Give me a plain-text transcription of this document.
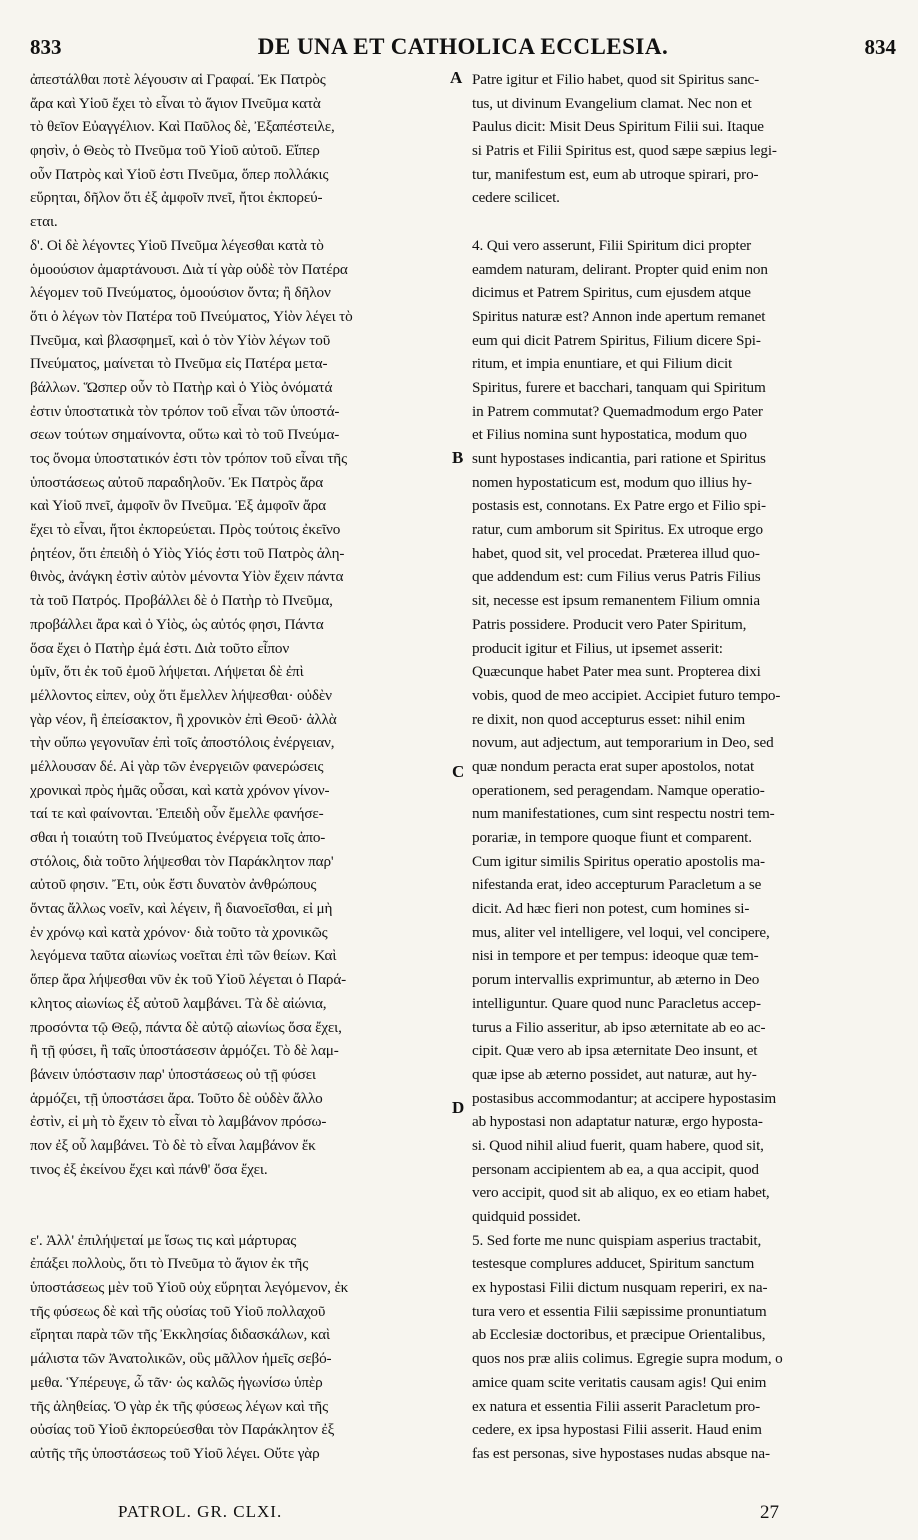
833	DE UNA ET CATHOLICA ECCLESIA.	834
ἀπεστάλθαι ποτὲ λέγουσιν αἱ Γραφαί. Ἐκ Πατρὸς
ἄρα καὶ Υἱοῦ ἔχει τὸ εἶναι τὸ ἅγιον Πνεῦμα κατὰ
τὸ θεῖον Εὐαγγέλιον. Καὶ Παῦλος δὲ, Ἐξαπέστειλε,
φησὶν, ὁ Θεὸς τὸ Πνεῦμα τοῦ Υἱοῦ αὐτοῦ. Εἴπερ
οὖν Πατρὸς καὶ Υἱοῦ ἐστι Πνεῦμα, ὅπερ πολλάκις
εὕρηται, δῆλον ὅτι ἐξ ἀμφοῖν πνεῖ, ἤτοι ἐκπορεύ-
εται.
δ'. Οἱ δὲ λέγοντες Υἱοῦ Πνεῦμα λέγεσθαι κατὰ τὸ
ὁμοούσιον ἁμαρτάνουσι. Διὰ τί γὰρ οὐδὲ τὸν Πατέρα
λέγομεν τοῦ Πνεύματος, ὁμοούσιον ὄντα; ἢ δῆλον
ὅτι ὁ λέγων τὸν Πατέρα τοῦ Πνεύματος, Υἱὸν λέγει τὸ
Πνεῦμα, καὶ βλασφημεῖ, καὶ ὁ τὸν Υἱὸν λέγων τοῦ
Πνεύματος, μαίνεται τὸ Πνεῦμα εἰς Πατέρα μετα-
βάλλων. Ὥσπερ οὖν τὸ Πατὴρ καὶ ὁ Υἱὸς ὀνόματά
ἐστιν ὑποστατικὰ τὸν τρόπον τοῦ εἶναι τῶν ὑποστά-
σεων τούτων σημαίνοντα, οὕτω καὶ τὸ τοῦ Πνεύμα-
τος ὄνομα ὑποστατικόν ἐστι τὸν τρόπον τοῦ εἶναι τῆς
ὑποστάσεως αὐτοῦ παραδηλοῦν. Ἐκ Πατρὸς ἄρα
καὶ Υἱοῦ πνεῖ, ἀμφοῖν ὂν Πνεῦμα. Ἐξ ἀμφοῖν ἄρα
ἔχει τὸ εἶναι, ἤτοι ἐκπορεύεται. Πρὸς τούτοις ἐκεῖνο
ῥητέον, ὅτι ἐπειδὴ ὁ Υἱὸς Υἱός ἐστι τοῦ Πατρὸς ἀλη-
θινὸς, ἀνάγκη ἐστὶν αὐτὸν μένοντα Υἱὸν ἔχειν πάντα
τὰ τοῦ Πατρός. Προβάλλει δὲ ὁ Πατὴρ τὸ Πνεῦμα,
προβάλλει ἄρα καὶ ὁ Υἱὸς, ὡς αὐτός φησι, Πάντα
ὅσα ἔχει ὁ Πατὴρ ἐμά ἐστι. Διὰ τοῦτο εἶπον
ὑμῖν, ὅτι ἐκ τοῦ ἐμοῦ λήψεται. Λήψεται δὲ ἐπὶ
μέλλοντος εἰπεν, οὐχ ὅτι ἔμελλεν λήψεσθαι· οὐδὲν
γὰρ νέον, ἢ ἐπείσακτον, ἢ χρονικὸν ἐπὶ Θεοῦ· ἀλλὰ
τὴν οὔπω γεγονυῖαν ἐπὶ τοῖς ἀποστόλοις ἐνέργειαν,
μέλλουσαν δέ. Αἱ γὰρ τῶν ἐνεργειῶν φανερώσεις
χρονικαὶ πρὸς ἡμᾶς οὖσαι, καὶ κατὰ χρόνον γίνον-
ταί τε καὶ φαίνονται. Ἐπειδὴ οὖν ἔμελλε φανήσε-
σθαι ἡ τοιαύτη τοῦ Πνεύματος ἐνέργεια τοῖς ἀπο-
στόλοις, διὰ τοῦτο λήψεσθαι τὸν Παράκλητον παρ'
αὐτοῦ φησιν. Ἔτι, οὐκ ἔστι δυνατὸν ἀνθρώπους
ὄντας ἄλλως νοεῖν, καὶ λέγειν, ἢ διανοεῖσθαι, εἰ μὴ
ἐν χρόνῳ καὶ κατὰ χρόνον· διὰ τοῦτο τὰ χρονικῶς
λεγόμενα ταῦτα αἰωνίως νοεῖται ἐπὶ τῶν θείων. Καὶ
ὅπερ ἄρα λήψεσθαι νῦν ἐκ τοῦ Υἱοῦ λέγεται ὁ Παρά-
κλητος αἰωνίως ἐξ αὐτοῦ λαμβάνει. Τὰ δὲ αἰώνια,
προσόντα τῷ Θεῷ, πάντα δὲ αὐτῷ αἰωνίως ὅσα ἔχει,
ἢ τῇ φύσει, ἢ ταῖς ὑποστάσεσιν ἁρμόζει. Τὸ δὲ λαμ-
βάνειν ὑπόστασιν παρ' ὑποστάσεως οὐ τῇ φύσει
ἁρμόζει, τῇ ὑποστάσει ἄρα. Τοῦτο δὲ οὐδὲν ἄλλο
ἐστὶν, εἰ μὴ τὸ ἔχειν τὸ εἶναι τὸ λαμβάνον πρόσω-
πον ἐξ οὗ λαμβάνει. Τὸ δὲ τὸ εἶναι λαμβάνον ἔκ
τινος ἐξ ἐκείνου ἔχει καὶ πάνθ' ὅσα ἔχει.
ε'. Ἀλλ' ἐπιλήψεταί με ἴσως τις καὶ μάρτυρας
ἐπάξει πολλοὺς, ὅτι τὸ Πνεῦμα τὸ ἅγιον ἐκ τῆς
ὑποστάσεως μὲν τοῦ Υἱοῦ οὐχ εὕρηται λεγόμενον, ἐκ
τῆς φύσεως δὲ καὶ τῆς οὐσίας τοῦ Υἱοῦ πολλαχοῦ
εἴρηται παρὰ τῶν τῆς Ἐκκλησίας διδασκάλων, καὶ
μάλιστα τῶν Ἀνατολικῶν, οὓς μᾶλλον ἡμεῖς σεβό-
μεθα. Ὑπέρευγε, ὦ τᾶν· ὡς καλῶς ἠγωνίσω ὑπὲρ
τῆς ἀληθείας. Ὁ γὰρ ἐκ τῆς φύσεως λέγων καὶ τῆς
οὐσίας τοῦ Υἱοῦ ἐκπορεύεσθαι τὸν Παράκλητον ἐξ
αὐτῆς τῆς ὑποστάσεως τοῦ Υἱοῦ λέγει. Οὔτε γὰρ
Patre igitur et Filio habet, quod sit Spiritus sanc-
tus, ut divinum Evangelium clamat. Nec non et
Paulus dicit: Misit Deus Spiritum Filii sui. Itaque
si Patris et Filii Spiritus est, quod sæpe sæpius legi-
tur, manifestum est, eum ab utroque spirari, pro-
cedere scilicet.
4. Qui vero asserunt, Filii Spiritum dici propter
eamdem naturam, delirant. Propter quid enim non
dicimus et Patrem Spiritus, cum ejusdem atque
Spiritus naturæ est? Annon inde apertum remanet
eum qui dicit Patrem Spiritus, Filium dicere Spi-
ritum, et impia enuntiare, et qui Filium dicit
Spiritus, furere et bacchari, tanquam qui Spiritum
in Patrem commutat? Quemadmodum ergo Pater
et Filius nomina sunt hypostatica, modum quo
sunt hypostases indicantia, pari ratione et Spiritus
nomen hypostaticum est, modum quo illius hy-
postasis est, connotans. Ex Patre ergo et Filio spi-
ratur, cum amborum sit Spiritus. Ex utroque ergo
habet, quod sit, vel procedat. Præterea illud quo-
que addendum est: cum Filius verus Patris Filius
sit, necesse est ipsum remanentem Filium omnia
Patris possidere. Producit vero Pater Spiritum,
producit igitur et Filius, ut ipsemet asserit:
Quæcunque habet Pater mea sunt. Propterea dixi
vobis, quod de meo accipiet. Accipiet futuro tempo-
re dixit, non quod accepturus esset: nihil enim
novum, aut adjectum, aut temporarium in Deo, sed
quæ nondum peracta erat super apostolos, notat
operationem, sed peragendam. Namque operatio-
num manifestationes, cum sint respectu nostri tem-
porariæ, in tempore quoque fiunt et comparent.
Cum igitur similis Spiritus operatio apostolis ma-
nifestanda erat, ideo accepturum Paracletum a se
dicit. Ad hæc fieri non potest, cum homines si-
mus, aliter vel intelligere, vel loqui, vel concipere,
nisi in tempore et per tempus: ideoque quæ tem-
porum intervallis exprimuntur, ab æterno in Deo
intelliguntur. Quare quod nunc Paracletus accep-
turus a Filio asseritur, ab ipso æternitate ab eo ac-
cipit. Quæ vero ab ipsa æternitate Deo insunt, et
quæ ipse ab æterno possidet, aut naturæ, aut hy-
postasibus accommodantur; at accipere hypostasim
ab hypostasi non adaptatur naturæ, ergo hyposta-
si. Quod nihil aliud fuerit, quam habere, quod sit,
personam accipientem ab ea, a qua accipit, quod
vero accipit, quod sit ab aliquo, ex eo etiam habet,
quidquid possidet.
5. Sed forte me nunc quispiam asperius tractabit,
testesque complures adducet, Spiritum sanctum
ex hypostasi Filii dictum nusquam reperiri, ex na-
tura vero et essentia Filii sæpissime pronuntiatum
ab Ecclesiæ doctoribus, et præcipue Orientalibus,
quos nos præ aliis colimus. Egregie supra modum, o
amice quam scite veritatis causam agis! Qui enim
ex natura et essentia Filii asserit Paracletum pro-
cedere, ex ipsa hypostasi Filii asserit. Haud enim
fas est personas, sive hypostases nudas absque na-
A
B
C
D
PATROL. GR. CLXI.	27
